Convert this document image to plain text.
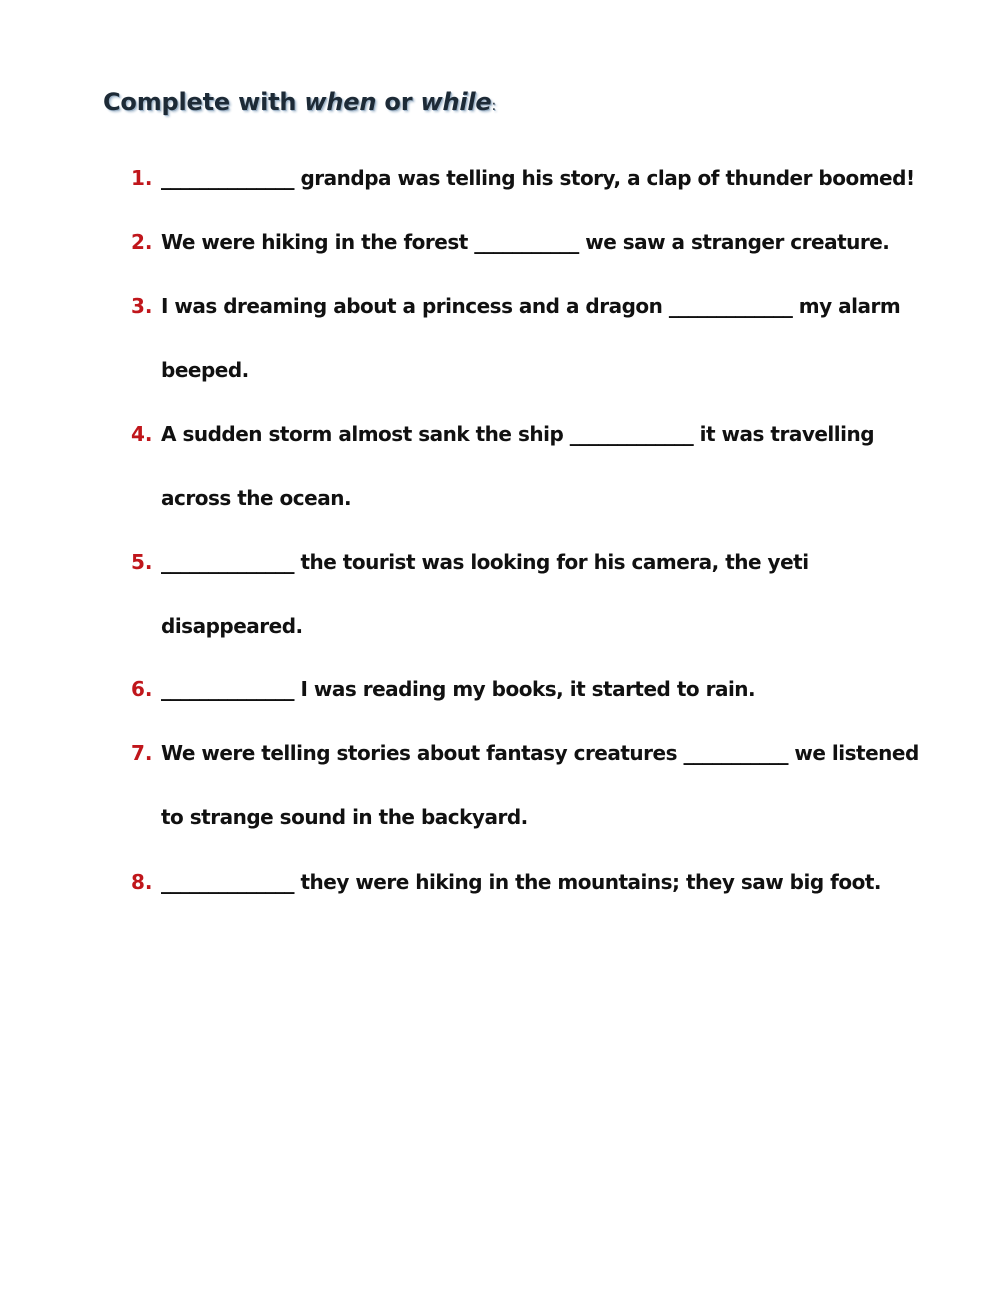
Complete with when or while:
1. ______________ grandpa was telling his story, a clap of thunder boomed!
2. We were hiking in the forest ___________ we saw a stranger creature.
3. I was dreaming about a princess and a dragon _____________ my alarm
beeped.
4. A sudden storm almost sank the ship _____________ it was travelling
across the ocean.
5. ______________ the tourist was looking for his camera, the yeti
disappeared.
6. ______________ I was reading my books, it started to rain.
7. We were telling stories about fantasy creatures ___________ we listened
to strange sound in the backyard.
8. ______________ they were hiking in the mountains; they saw big foot.
